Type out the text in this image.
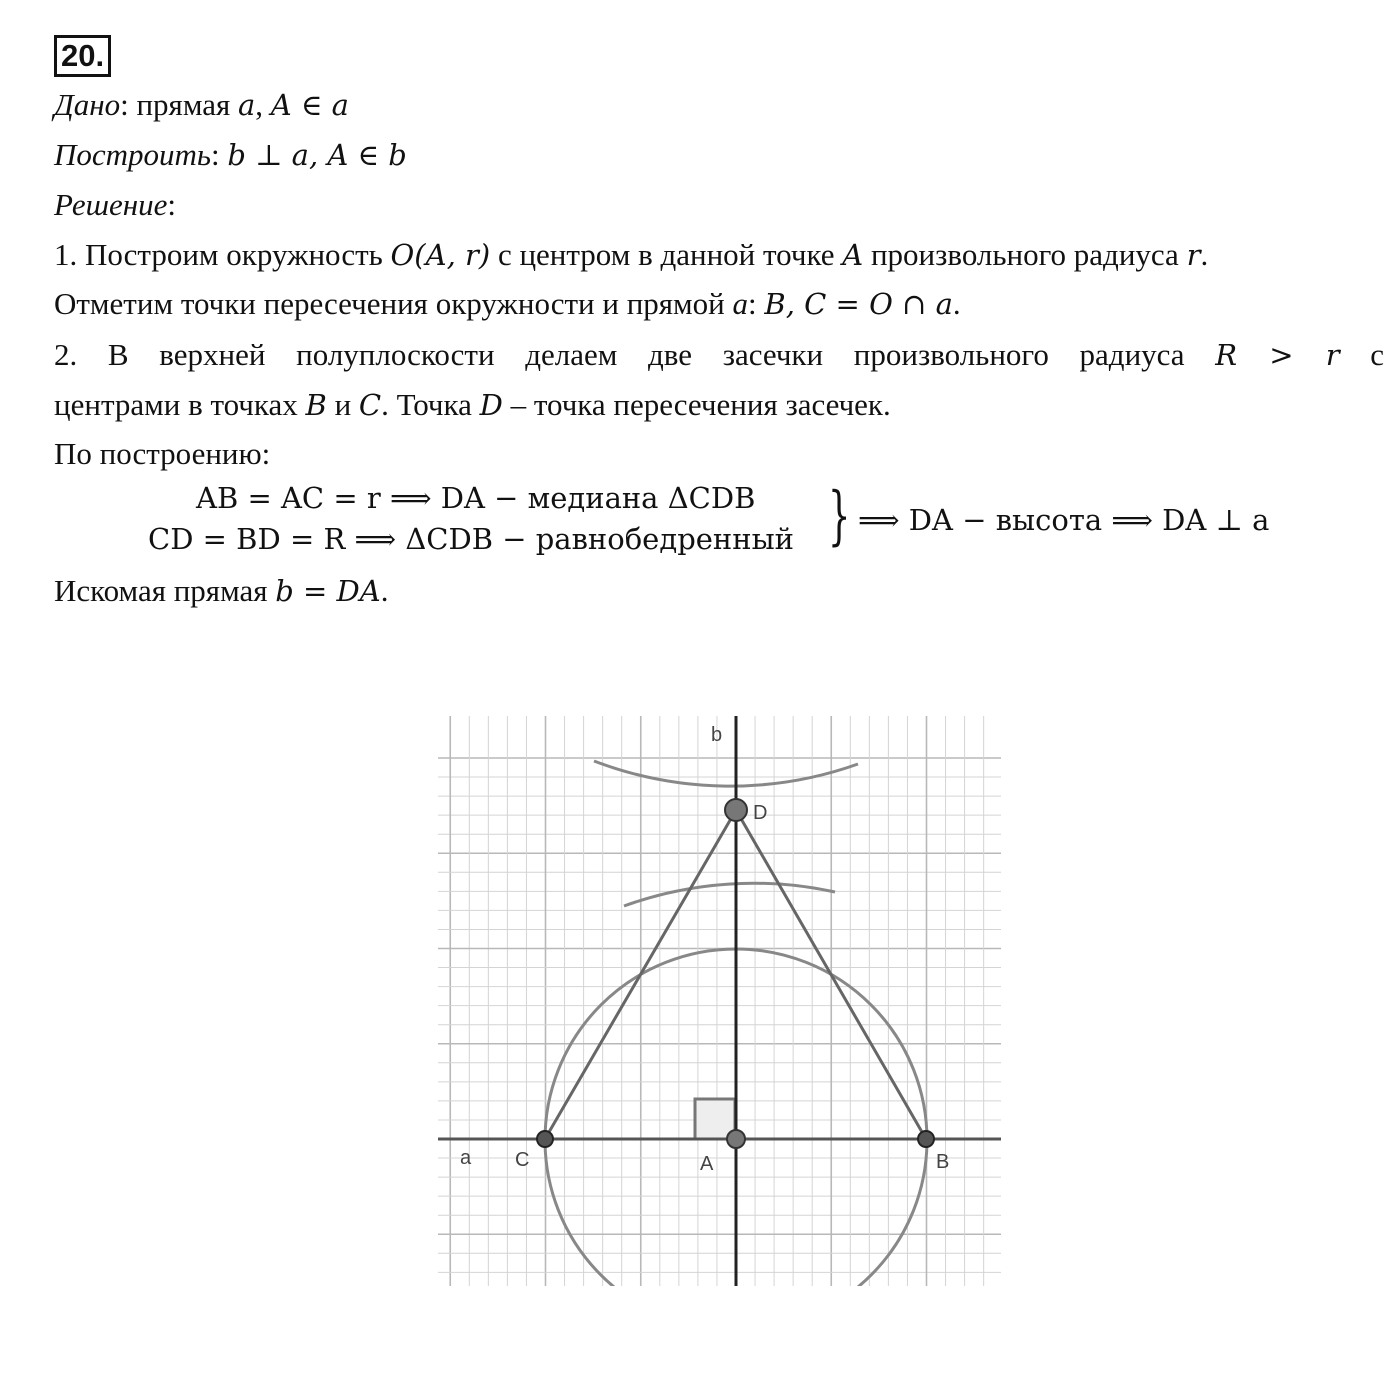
20.
Дано: прямая a, A ∈ a
Построить: b ⊥ a, A ∈ b
Решение:
1. Построим окружность O(A, r) с центром в данной точке A произвольного радиуса r.
Отметим точки пересечения окружности и прямой a: B, C = O ∩ a.
2. В верхней полуплоскости делаем две засечки произвольного радиуса R > r с
центрами в точках B и C. Точка D – точка пересечения засечек.
По построению:
AB = AC = r ⟹ DA − медиана ΔCDB
CD = BD = R ⟹ ΔCDB − равнобедренный } ⟹ DA − высота ⟹ DA ⊥ a
Искомая прямая b = DA.
b
D
a C	A	B
